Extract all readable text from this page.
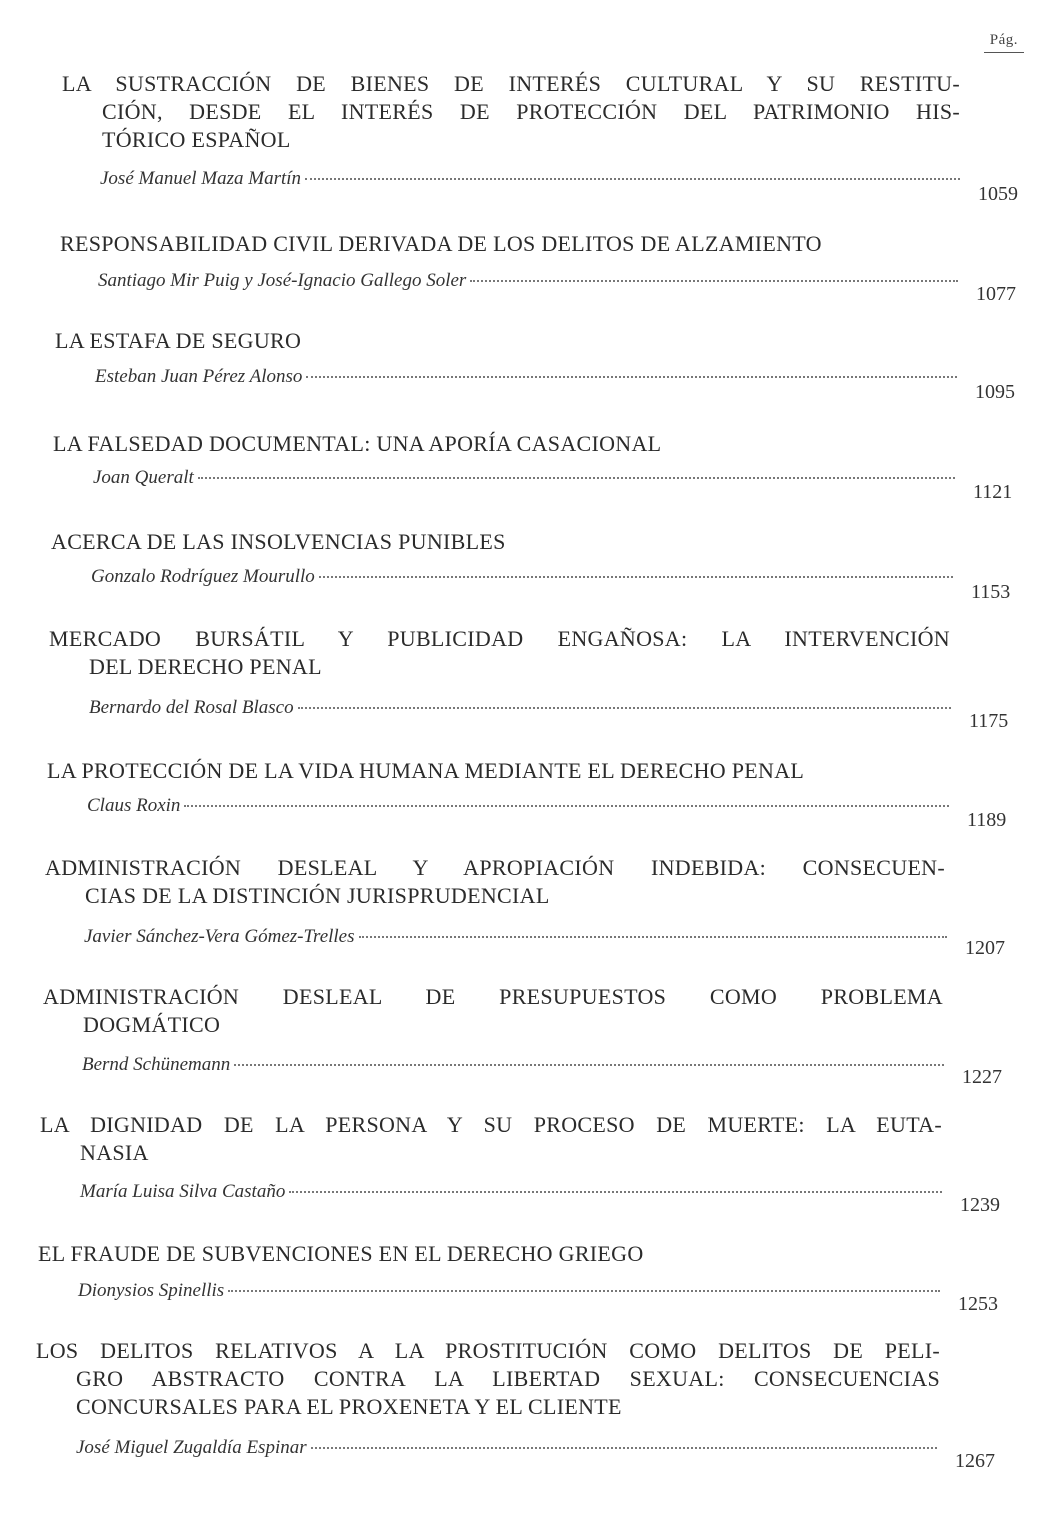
Pág.
LA SUSTRACCIÓN DE BIENES DE INTERÉS CULTURAL Y SU RESTITU-
CIÓN, DESDE EL INTERÉS DE PROTECCIÓN DEL PATRIMONIO HIS-
TÓRICO ESPAÑOL
José Manuel Maza Martín
1059
RESPONSABILIDAD CIVIL DERIVADA DE LOS DELITOS DE ALZAMIENTO
Santiago Mir Puig y José-Ignacio Gallego Soler
1077
LA ESTAFA DE SEGURO
Esteban Juan Pérez Alonso
1095
LA FALSEDAD DOCUMENTAL: UNA APORÍA CASACIONAL
Joan Queralt
1121
ACERCA DE LAS INSOLVENCIAS PUNIBLES
Gonzalo Rodríguez Mourullo
1153
MERCADO BURSÁTIL Y PUBLICIDAD ENGAÑOSA: LA INTERVENCIÓN
DEL DERECHO PENAL
Bernardo del Rosal Blasco
1175
LA PROTECCIÓN DE LA VIDA HUMANA MEDIANTE EL DERECHO PENAL
Claus Roxin
1189
ADMINISTRACIÓN DESLEAL Y APROPIACIÓN INDEBIDA: CONSECUEN-
CIAS DE LA DISTINCIÓN JURISPRUDENCIAL
Javier Sánchez-Vera Gómez-Trelles
1207
ADMINISTRACIÓN DESLEAL DE PRESUPUESTOS COMO PROBLEMA
DOGMÁTICO
Bernd Schünemann
1227
LA DIGNIDAD DE LA PERSONA Y SU PROCESO DE MUERTE: LA EUTA-
NASIA
María Luisa Silva Castaño
1239
EL FRAUDE DE SUBVENCIONES EN EL DERECHO GRIEGO
Dionysios Spinellis
1253
LOS DELITOS RELATIVOS A LA PROSTITUCIÓN COMO DELITOS DE PELI-
GRO ABSTRACTO CONTRA LA LIBERTAD SEXUAL: CONSECUENCIAS
CONCURSALES PARA EL PROXENETA Y EL CLIENTE
José Miguel Zugaldía Espinar
1267
